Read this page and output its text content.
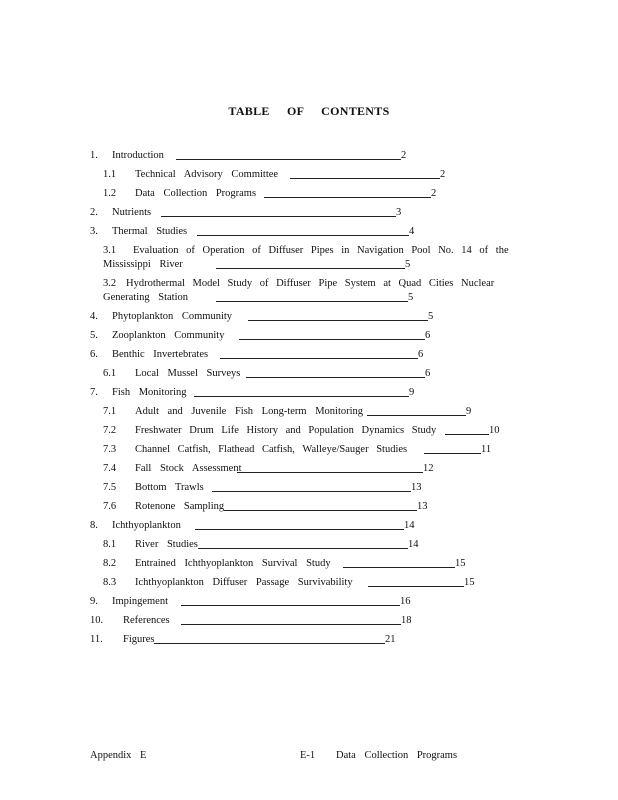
TABLE OF CONTENTS
1. Introduction	2
1.1 Technical Advisory Committee	2
1.2 Data Collection Programs	2
2. Nutrients	3
3. Thermal Studies	4
3.1 Evaluation of Operation of Diffuser Pipes in Navigation Pool No. 14 of the
Mississippi River	5
3.2 Hydrothermal Model Study of Diffuser Pipe System at Quad Cities Nuclear
Generating Station	5
4. Phytoplankton Community	5
5. Zooplankton Community	6
6. Benthic Invertebrates	6
6.1 Local Mussel Surveys	6
7. Fish Monitoring	9
7.1 Adult and Juvenile Fish Long-term Monitoring	9
7.2 Freshwater Drum Life History and Population Dynamics Study	10
7.3 Channel Catfish, Flathead Catfish, Walleye/Sauger Studies	11
7.4 Fall Stock Assessment	12
7.5 Bottom Trawls	13
7.6 Rotenone Sampling	13
8. Ichthyoplankton	14
8.1 River Studies	14
8.2 Entrained Ichthyoplankton Survival Study	15
8.3 Ichthyoplankton Diffuser Passage Survivability	15
9. Impingement	16
10. References	18
11. Figures	21
Appendix E	E-1 Data Collection Programs
